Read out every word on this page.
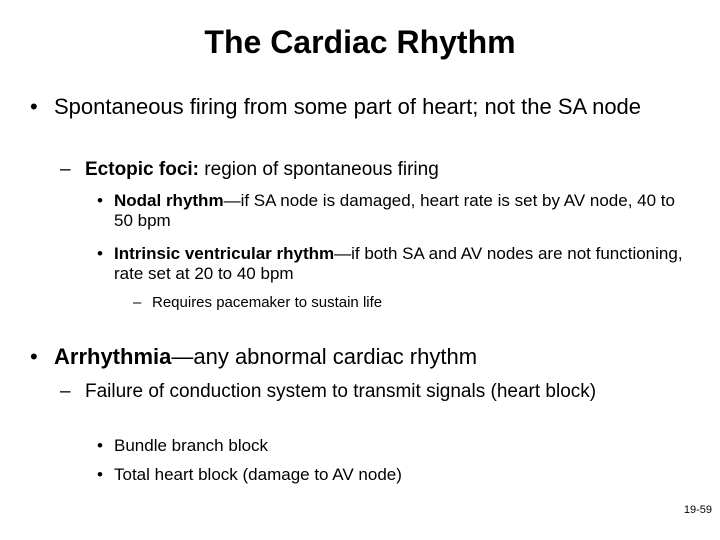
The Cardiac Rhythm
• Spontaneous firing from some part of heart; not the SA node
– Ectopic foci: region of spontaneous firing
• Nodal rhythm—if SA node is damaged, heart rate is set by AV node, 40 to 50 bpm
• Intrinsic ventricular rhythm—if both SA and AV nodes are not functioning, rate set at 20 to 40 bpm
– Requires pacemaker to sustain life
• Arrhythmia—any abnormal cardiac rhythm
– Failure of conduction system to transmit signals (heart block)
• Bundle branch block
• Total heart block (damage to AV node)
19-59
